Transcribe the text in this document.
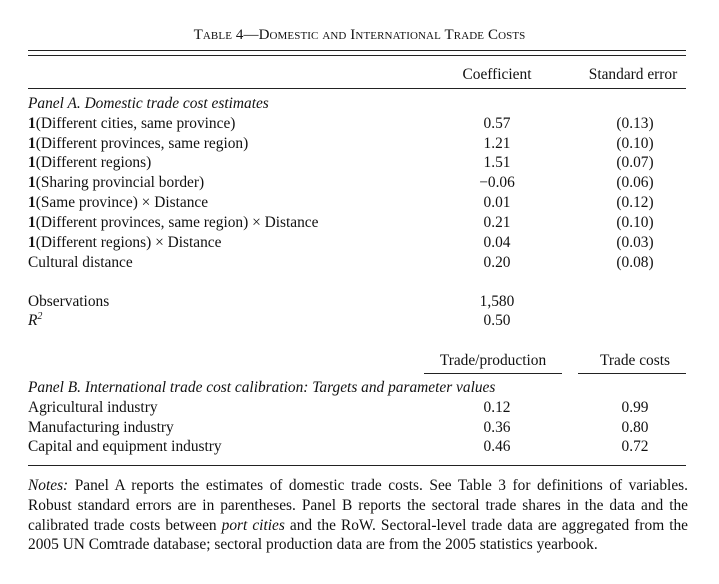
Table 4—Domestic and International Trade Costs
Coefficient	Standard error
Panel A. Domestic trade cost estimates
1(Different cities, same province)	0.57	(0.13)
1(Different provinces, same region)	1.21	(0.10)
1(Different regions)	1.51	(0.07)
1(Sharing provincial border)	−0.06	(0.06)
1(Same province) × Distance	0.01	(0.12)
1(Different provinces, same region) × Distance	0.21	(0.10)
1(Different regions) × Distance	0.04	(0.03)
Cultural distance	0.20	(0.08)
Observations	1,580
$R^2$	0.50
Trade/production	Trade costs
Panel B. International trade cost calibration: Targets and parameter values
Agricultural industry	0.12	0.99
Manufacturing industry	0.36	0.80
Capital and equipment industry	0.46	0.72
Notes: Panel A reports the estimates of domestic trade costs. See Table 3 for definitions of variables. Robust standard errors are in parentheses. Panel B reports the sectoral trade shares in the data and the calibrated trade costs between port cities and the RoW. Sectoral-level trade data are aggregated from the 2005 UN Comtrade database; sectoral production data are from the 2005 statistics yearbook.
